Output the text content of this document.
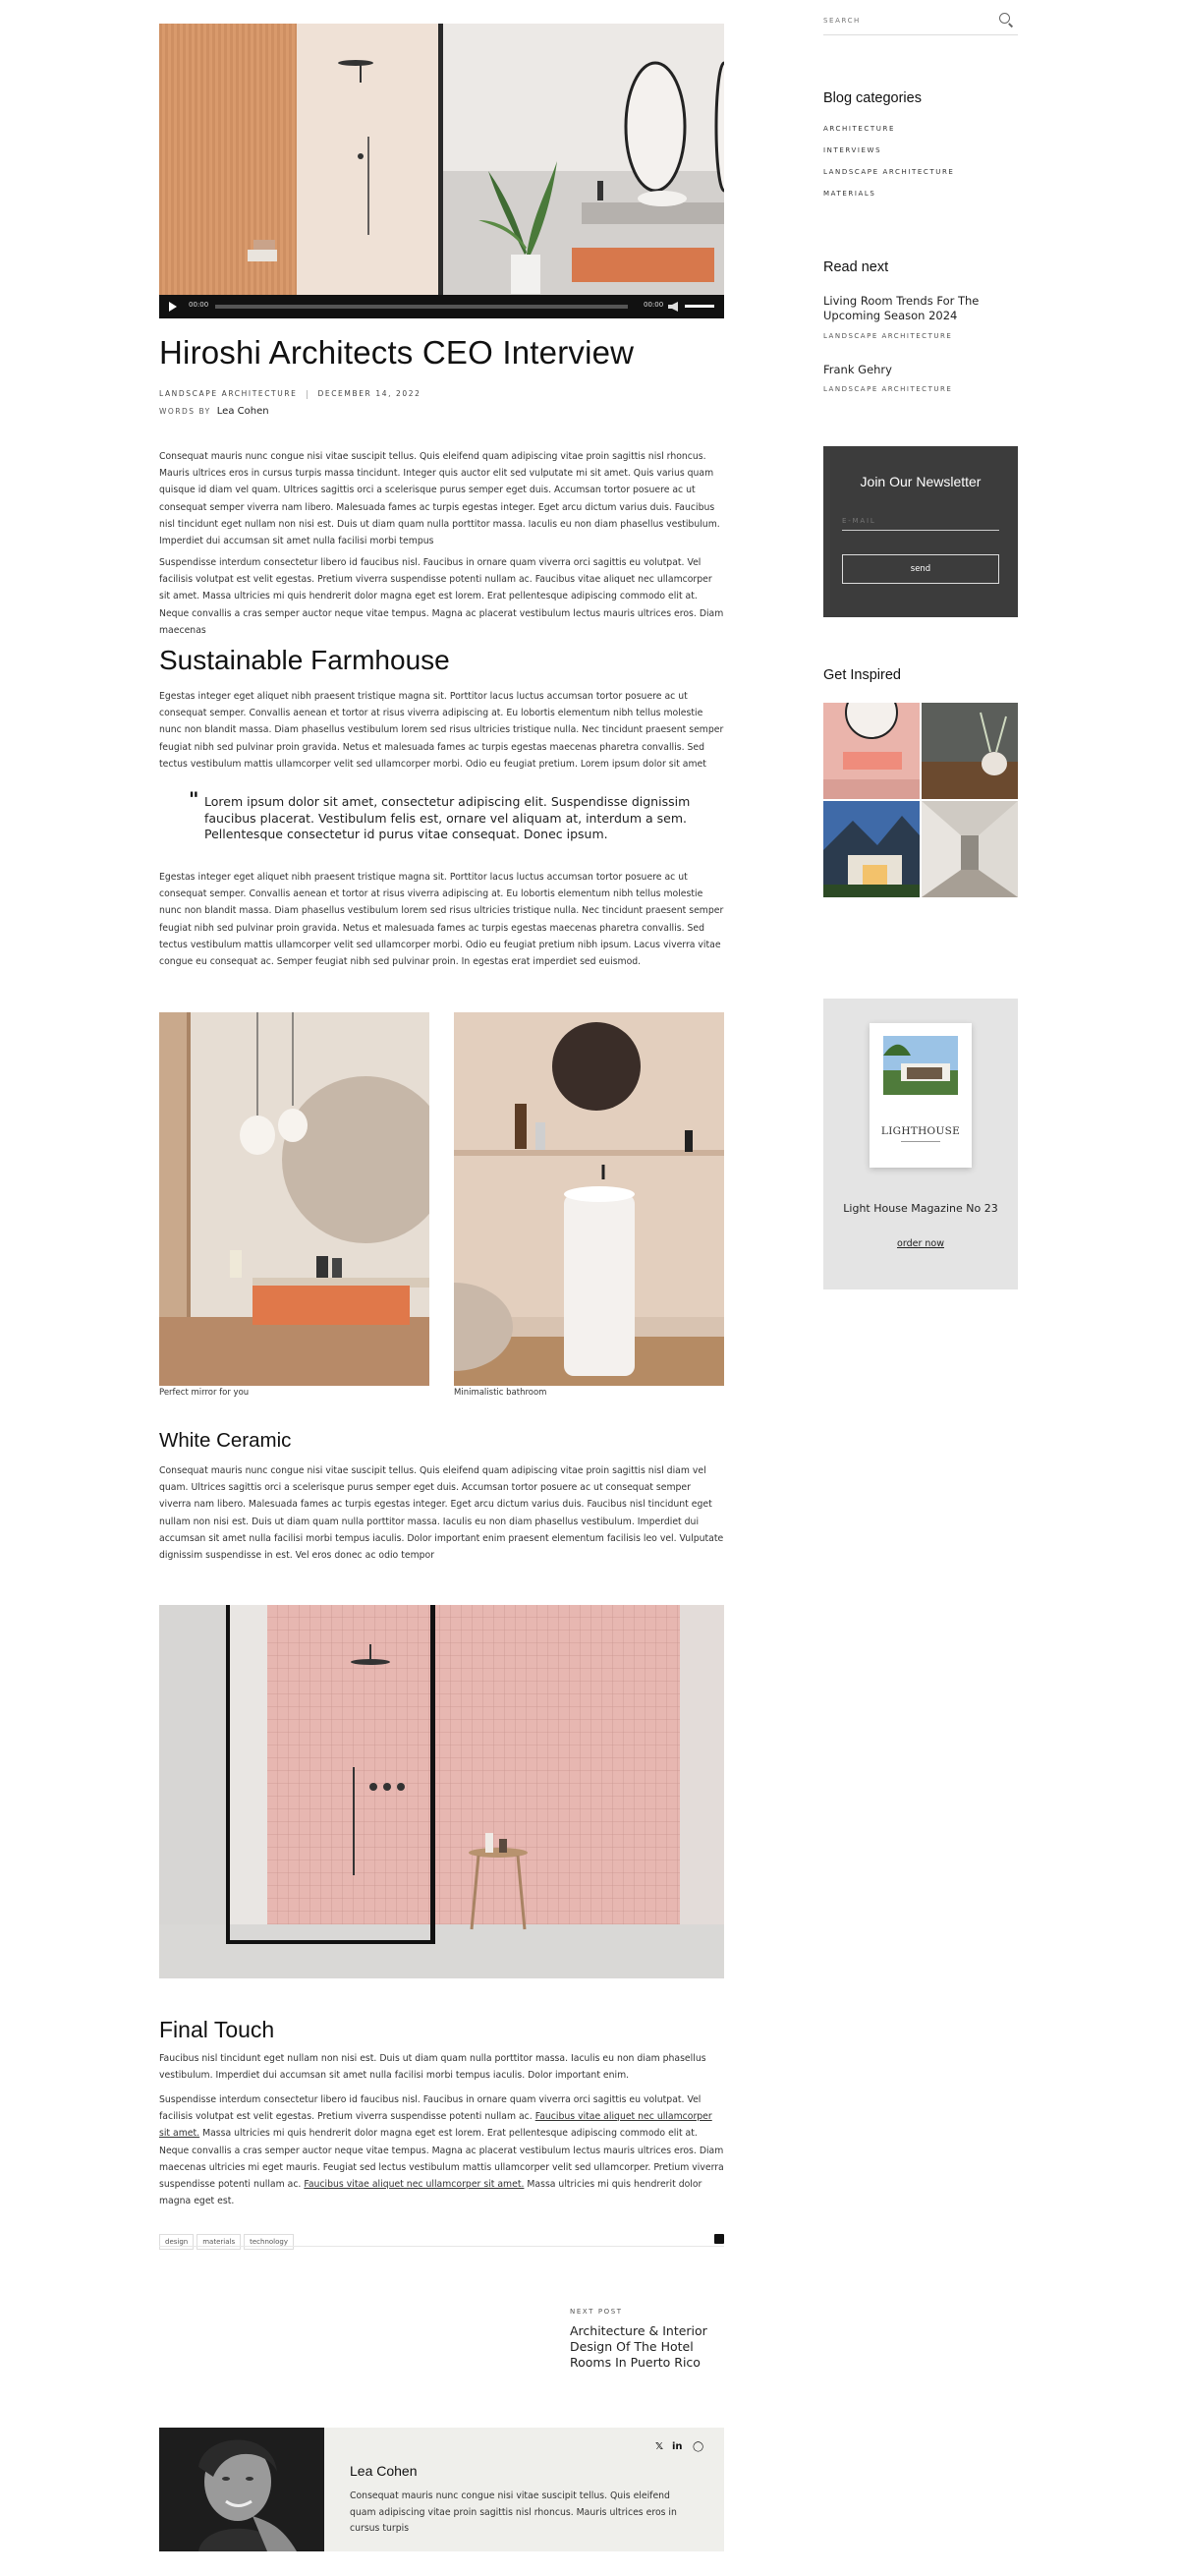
00:00	00:00
Hiroshi Architects CEO Interview
LANDSCAPE ARCHITECTURE	DECEMBER 14, 2022
WORDS BY Lea Cohen

Consequat mauris nunc congue nisi vitae suscipit tellus. Quis eleifend quam adipiscing vitae proin sagittis nisl rhoncus. Mauris ultrices eros in cursus turpis massa tincidunt. Integer quis auctor elit sed vulputate mi sit amet. Quis varius quam quisque id diam vel quam. Ultrices sagittis orci a scelerisque purus semper eget duis. Accumsan tortor posuere ac ut consequat semper viverra nam libero. Malesuada fames ac turpis egestas integer. Eget arcu dictum varius duis. Faucibus nisl tincidunt eget nullam non nisi est. Duis ut diam quam nulla porttitor massa. Iaculis eu non diam phasellus vestibulum. Imperdiet dui accumsan sit amet nulla facilisi morbi tempus

Suspendisse interdum consectetur libero id faucibus nisl. Faucibus in ornare quam viverra orci sagittis eu volutpat. Vel facilisis volutpat est velit egestas. Pretium viverra suspendisse potenti nullam ac. Faucibus vitae aliquet nec ullamcorper sit amet. Massa ultricies mi quis hendrerit dolor magna eget est lorem. Erat pellentesque adipiscing commodo elit at. Neque convallis a cras semper auctor neque vitae tempus. Magna ac placerat vestibulum lectus mauris ultrices eros. Diam maecenas

Sustainable Farmhouse

Egestas integer eget aliquet nibh praesent tristique magna sit. Porttitor lacus luctus accumsan tortor posuere ac ut consequat semper. Convallis aenean et tortor at risus viverra adipiscing at. Eu lobortis elementum nibh tellus molestie nunc non blandit massa. Diam phasellus vestibulum lorem sed risus ultricies tristique nulla. Nec tincidunt praesent semper feugiat nibh sed pulvinar proin gravida. Netus et malesuada fames ac turpis egestas maecenas pharetra convallis. Sed tectus vestibulum mattis ullamcorper velit sed ullamcorper morbi. Odio eu feugiat pretium. Lorem ipsum dolor sit amet

" Lorem ipsum dolor sit amet, consectetur adipiscing elit. Suspendisse dignissim faucibus placerat. Vestibulum felis est, ornare vel aliquam at, interdum a sem. Pellentesque consectetur id purus vitae consequat. Donec ipsum.

Egestas integer eget aliquet nibh praesent tristique magna sit. Porttitor lacus luctus accumsan tortor posuere ac ut consequat semper. Convallis aenean et tortor at risus viverra adipiscing at. Eu lobortis elementum nibh tellus molestie nunc non blandit massa. Diam phasellus vestibulum lorem sed risus ultricies tristique nulla. Nec tincidunt praesent semper feugiat nibh sed pulvinar proin gravida. Netus et malesuada fames ac turpis egestas maecenas pharetra convallis. Sed tectus vestibulum mattis ullamcorper velit sed ullamcorper morbi. Odio eu feugiat pretium nibh ipsum. Lacus viverra vitae congue eu consequat ac. Semper feugiat nibh sed pulvinar proin. In egestas erat imperdiet sed euismod.

Perfect mirror for you	Minimalistic bathroom
White Ceramic

Consequat mauris nunc congue nisi vitae suscipit tellus. Quis eleifend quam adipiscing vitae proin sagittis nisl diam vel quam. Ultrices sagittis orci a scelerisque purus semper eget duis. Accumsan tortor posuere ac ut consequat semper viverra nam libero. Malesuada fames ac turpis egestas integer. Eget arcu dictum varius duis. Faucibus nisl tincidunt eget nullam non nisi est. Duis ut diam quam nulla porttitor massa. Iaculis eu non diam phasellus vestibulum. Imperdiet dui accumsan sit amet nulla facilisi morbi tempus iaculis. Dolor important enim praesent elementum facilisis leo vel. Vulputate dignissim suspendisse in est. Vel eros donec ac odio tempor

Final Touch

Faucibus nisl tincidunt eget nullam non nisi est. Duis ut diam quam nulla porttitor massa. Iaculis eu non diam phasellus vestibulum. Imperdiet dui accumsan sit amet nulla facilisi morbi tempus iaculis. Dolor important enim.

Suspendisse interdum consectetur libero id faucibus nisl. Faucibus in ornare quam viverra orci sagittis eu volutpat. Vel facilisis volutpat est velit egestas. Pretium viverra suspendisse potenti nullam ac. Faucibus vitae aliquet nec ullamcorper sit amet. Massa ultricies mi quis hendrerit dolor magna eget est lorem. Erat pellentesque adipiscing commodo elit at. Neque convallis a cras semper auctor neque vitae tempus. Magna ac placerat vestibulum lectus mauris ultrices eros. Diam maecenas ultricies mi eget mauris. Feugiat sed lectus vestibulum mattis ullamcorper velit sed ullamcorper. Pretium viverra suspendisse potenti nullam ac. Faucibus vitae aliquet nec ullamcorper sit amet. Massa ultricies mi quis hendrerit dolor magna eget est.

design materials technology
NEXT POST
Architecture & Interior Design Of The Hotel Rooms In Puerto Rico
𝕏 in ◯
Lea Cohen

Consequat mauris nunc congue nisi vitae suscipit tellus. Quis eleifend quam adipiscing vitae proin sagittis nisl rhoncus. Mauris ultrices eros in cursus turpis

SEARCH
Blog categories
ARCHITECTURE
INTERVIEWS
LANDSCAPE ARCHITECTURE
MATERIALS
Read next
Living Room Trends For The Upcoming Season 2024
LANDSCAPE ARCHITECTURE
Frank Gehry
LANDSCAPE ARCHITECTURE
Join Our Newsletter
E-MAIL
send
Get Inspired
LIGHTHOUSE
Light House Magazine No 23
order now
